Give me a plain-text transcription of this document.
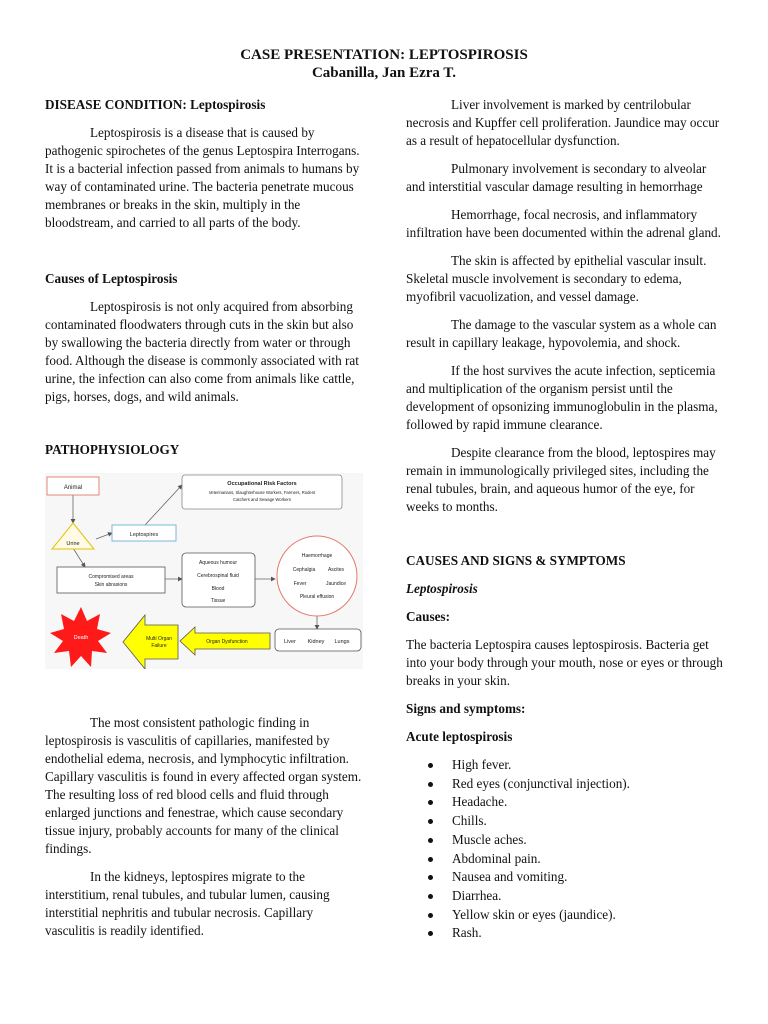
CASE PRESENTATION: LEPTOSPIROSIS
Cabanilla, Jan Ezra T.

DISEASE CONDITION: Leptospirosis

Leptospirosis is a disease that is caused by pathogenic spirochetes of the genus Leptospira Interrogans. It is a bacterial infection passed from animals to humans by way of contaminated urine. The bacteria penetrate mucous membranes or breaks in the skin, multiply in the bloodstream, and carried to all parts of the body.

Causes of Leptospirosis

Leptospirosis is not only acquired from absorbing contaminated floodwaters through cuts in the skin but also by swallowing the bacteria directly from water or through food. Although the disease is commonly associated with rat urine, the infection can also come from animals like cattle, pigs, horses, dogs, and wild animals.

PATHOPHYSIOLOGY

Animal
Urine
Leptospires
Occupational Risk Factors
Veterinarians, Slaughterhouse Workers, Farmers, Rodent
Catchers and Sewage Workers
Compromised areas
Skin abrasions
Aqueous humour
Cerebrospinal fluid
Blood
Tissue
Haemorrhage
Cephalgia	Ascites
Fever	Jaundice
Pleural effusion
Liver Kidney Lungs
Organ Dysfunction
Multi Organ
Failure
Death

The most consistent pathologic finding in leptospirosis is vasculitis of capillaries, manifested by endothelial edema, necrosis, and lymphocytic infiltration. Capillary vasculitis is found in every affected organ system. The resulting loss of red blood cells and fluid through enlarged junctions and fenestrae, which cause secondary tissue injury, probably accounts for many of the clinical findings.

In the kidneys, leptospires migrate to the interstitium, renal tubules, and tubular lumen, causing interstitial nephritis and tubular necrosis. Capillary vasculitis is readily identified.

Liver involvement is marked by centrilobular necrosis and Kupffer cell proliferation. Jaundice may occur as a result of hepatocellular dysfunction.

Pulmonary involvement is secondary to alveolar and interstitial vascular damage resulting in hemorrhage

Hemorrhage, focal necrosis, and inflammatory infiltration have been documented within the adrenal gland.

The skin is affected by epithelial vascular insult. Skeletal muscle involvement is secondary to edema, myofibril vacuolization, and vessel damage.

The damage to the vascular system as a whole can result in capillary leakage, hypovolemia, and shock.

If the host survives the acute infection, septicemia and multiplication of the organism persist until the development of opsonizing immunoglobulin in the plasma, followed by rapid immune clearance.

Despite clearance from the blood, leptospires may remain in immunologically privileged sites, including the renal tubules, brain, and aqueous humor of the eye, for weeks to months.

CAUSES AND SIGNS & SYMPTOMS

Leptospirosis

Causes:

The bacteria Leptospira causes leptospirosis. Bacteria get into your body through your mouth, nose or eyes or through breaks in your skin.

Signs and symptoms:

Acute leptospirosis

High fever.
Red eyes (conjunctival injection).
Headache.
Chills.
Muscle aches.
Abdominal pain.
Nausea and vomiting.
Diarrhea.
Yellow skin or eyes (jaundice).
Rash.
